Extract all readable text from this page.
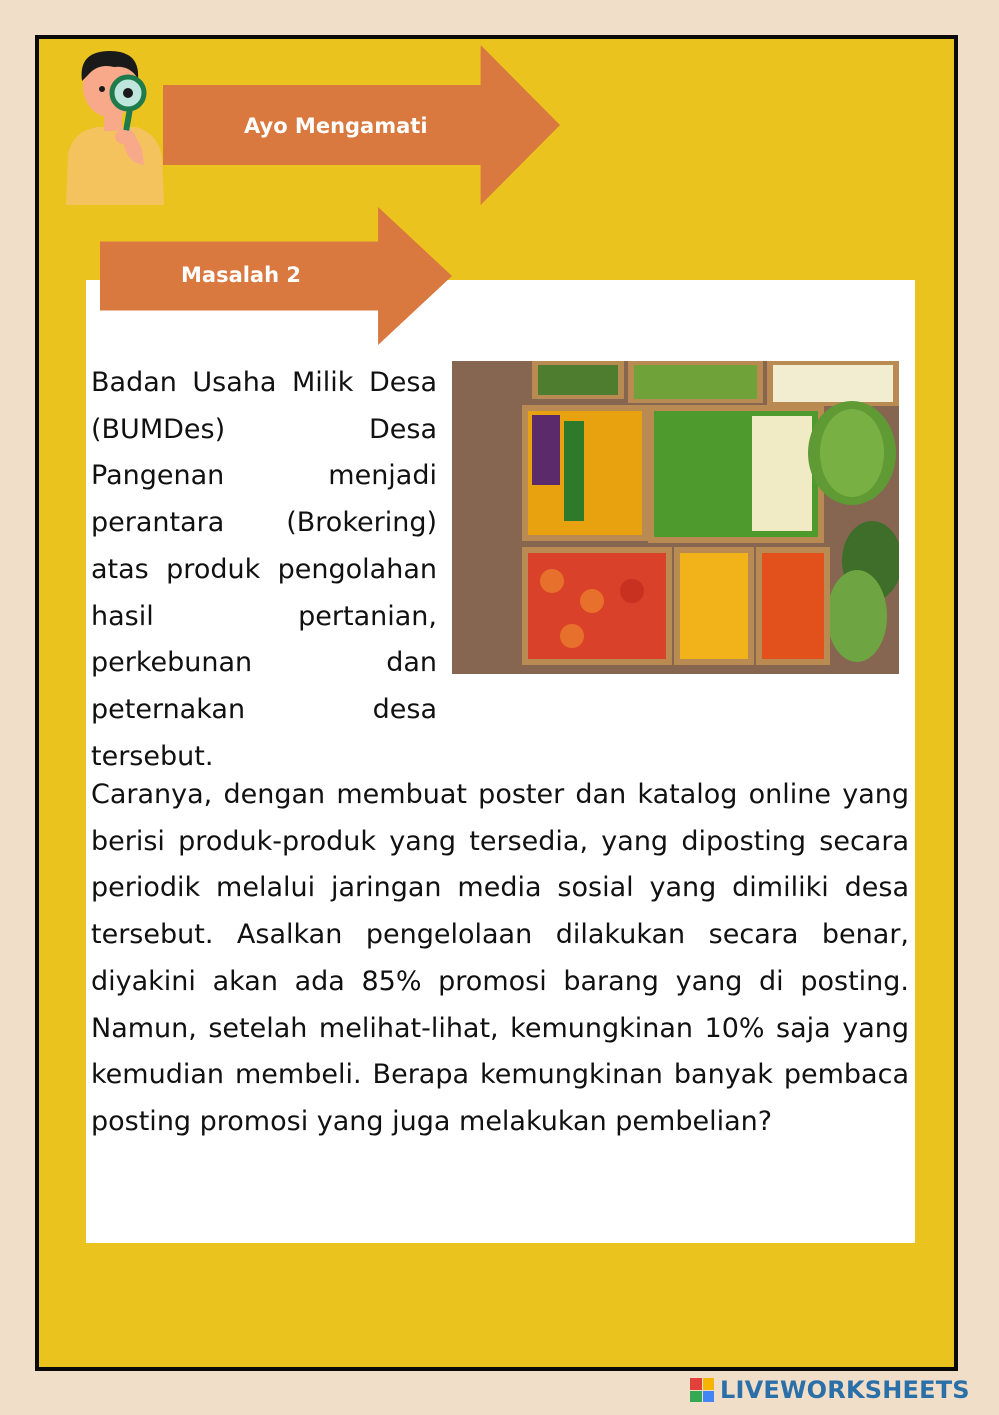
Ayo Mengamati
Masalah 2

Badan Usaha Milik Desa (BUMDes) Desa Pangenan menjadi perantara (Brokering) atas produk pengolahan hasil pertanian, perkebunan dan peternakan desa tersebut.

Caranya, dengan membuat poster dan katalog online yang berisi produk-produk yang tersedia, yang diposting secara periodik melalui jaringan media sosial yang dimiliki desa tersebut. Asalkan pengelolaan dilakukan secara benar, diyakini akan ada 85% promosi barang yang di posting. Namun, setelah melihat-lihat, kemungkinan 10% saja yang kemudian membeli. Berapa kemungkinan banyak pembaca posting promosi yang juga melakukan pembelian?

LIVEWORKSHEETS
